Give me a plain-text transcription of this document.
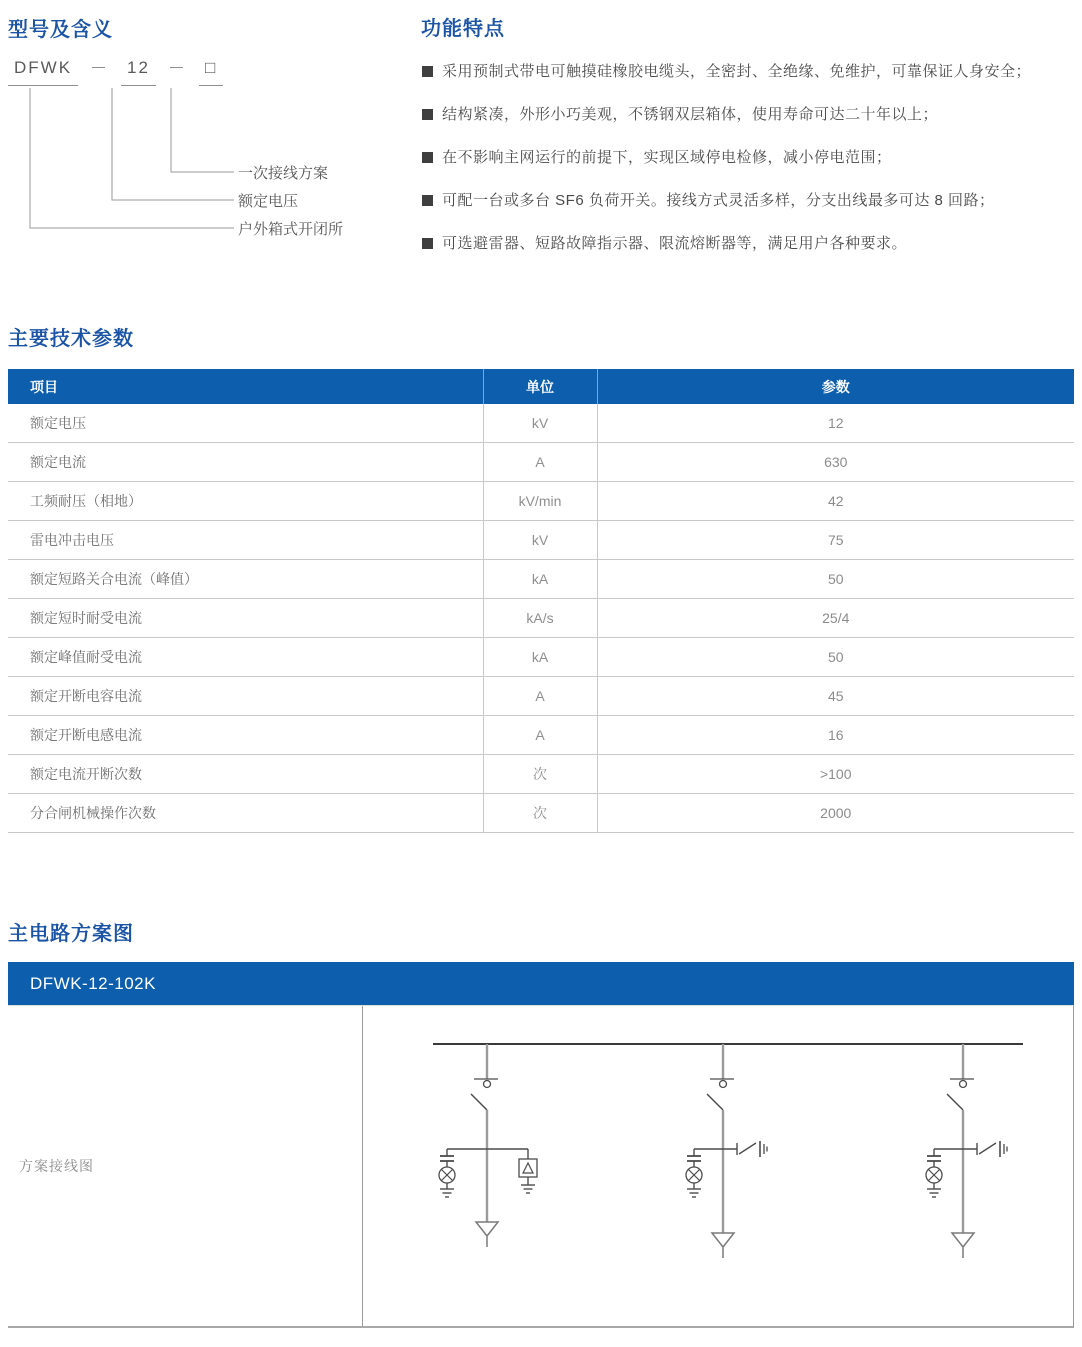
型号及含义
DFWK	－	12	－	□
一次接线方案
额定电压
户外箱式开闭所
功能特点
采用预制式带电可触摸硅橡胶电缆头，全密封、全绝缘、免维护，可靠保证人身安全；
结构紧凑，外形小巧美观，不锈钢双层箱体，使用寿命可达二十年以上；
在不影响主网运行的前提下，实现区域停电检修，减小停电范围；
可配一台或多台 SF6 负荷开关。接线方式灵活多样，分支出线最多可达 8 回路；
可选避雷器、短路故障指示器、限流熔断器等，满足用户各种要求。
主要技术参数
项目	单位	参数
额定电压	kV	12
额定电流	A	630
工频耐压（相地）	kV/min	42
雷电冲击电压	kV	75
额定短路关合电流（峰值）	kA	50
额定短时耐受电流	kA/s	25/4
额定峰值耐受电流	kA	50
额定开断电容电流	A	45
额定开断电感电流	A	16
额定电流开断次数	次	>100
分合闸机械操作次数	次	2000
主电路方案图
DFWK-12-102K
方案接线图
